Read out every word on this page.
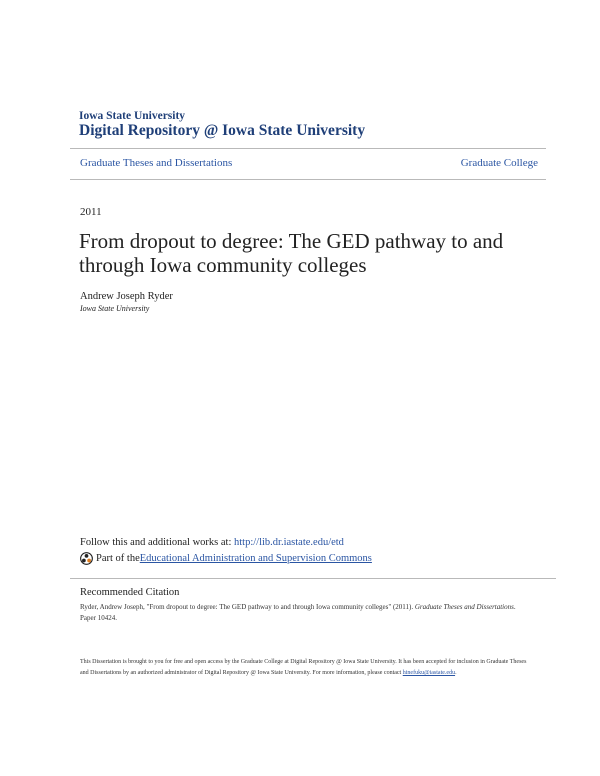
Iowa State University
Digital Repository @ Iowa State University
Graduate Theses and Dissertations	Graduate College
2011
From dropout to degree: The GED pathway to and through Iowa community colleges
Andrew Joseph Ryder
Iowa State University
Follow this and additional works at: http://lib.dr.iastate.edu/etd
Part of the Educational Administration and Supervision Commons
Recommended Citation
Ryder, Andrew Joseph, "From dropout to degree: The GED pathway to and through Iowa community colleges" (2011). Graduate Theses and Dissertations. Paper 10424.
This Dissertation is brought to you for free and open access by the Graduate College at Digital Repository @ Iowa State University. It has been accepted for inclusion in Graduate Theses and Dissertations by an authorized administrator of Digital Repository @ Iowa State University. For more information, please contact hinefuku@iastate.edu.
